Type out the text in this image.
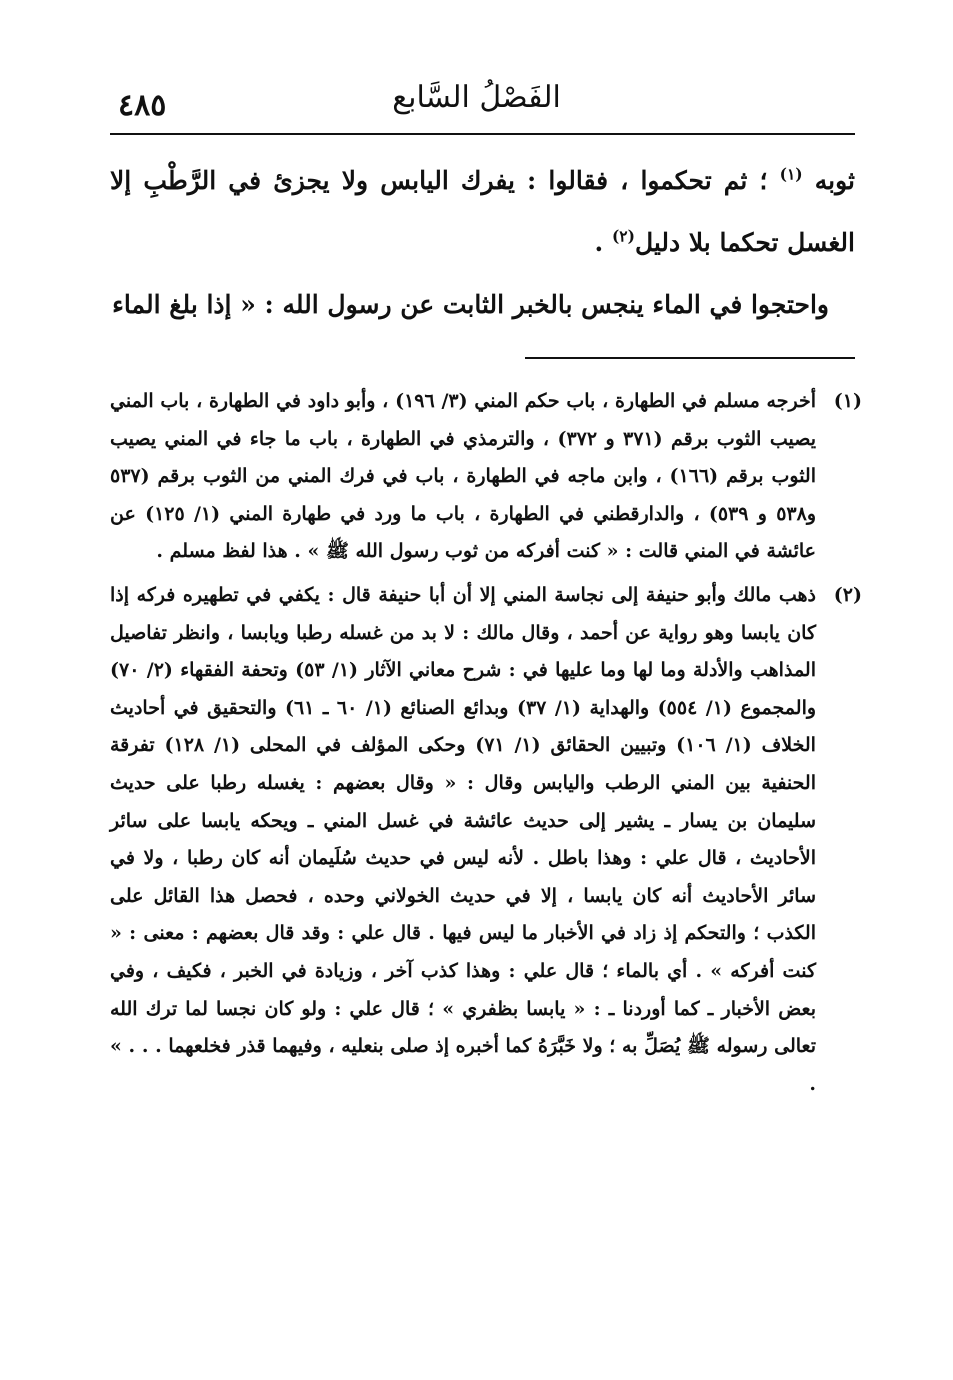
الفَصْلُ السَّابع
٤٨٥

ثوبه $^{(١)}$ ؛ ثم تحكموا ، فقالوا : يفرك اليابس ولا يجزئ في الرَّطْبِ إلا الغسل تحكما بلا دليل$^{(٢)}$ .

واحتجوا في الماء ينجس بالخبر الثابت عن رسول الله : « إذا بلغ الماء

(١)
أخرجه مسلم في الطهارة ، باب حكم المني (٣/ ١٩٦) ، وأبو داود في الطهارة ، باب المني يصيب الثوب برقم (٣٧١ و ٣٧٢) ، والترمذي في الطهارة ، باب ما جاء في المني يصيب الثوب برقم (١٦٦) ، وابن ماجه في الطهارة ، باب في فرك المني من الثوب برقم (٥٣٧ و٥٣٨ و ٥٣٩) ، والدارقطني في الطهارة ، باب ما ورد في طهارة المني (١/ ١٢٥) عن عائشة في المني قالت : « كنت أفركه من ثوب رسول الله ﷺ » . هذا لفظ مسلم .
(٢)
ذهب مالك وأبو حنيفة إلى نجاسة المني إلا أن أبا حنيفة قال : يكفي في تطهيره فركه إذا كان يابسا وهو رواية عن أحمد ، وقال مالك : لا بد من غسله رطبا ويابسا ، وانظر تفاصيل المذاهب والأدلة وما لها وما عليها في : شرح معاني الآثار (١/ ٥٣) وتحفة الفقهاء (٢/ ٧٠) والمجموع (١/ ٥٥٤) والهداية (١/ ٣٧) وبدائع الصنائع (١/ ٦٠ ـ ٦١) والتحقيق في أحاديث الخلاف (١/ ١٠٦) وتبيين الحقائق (١/ ٧١) وحكى المؤلف في المحلى (١/ ١٢٨) تفرقة الحنفية بين المني الرطب واليابس وقال : « وقال بعضهم : يغسله رطبا على حديث سليمان بن يسار ـ يشير إلى حديث عائشة في غسل المني ـ ويحكه يابسا على سائر الأحاديث ، قال علي : وهذا باطل . لأنه ليس في حديث سُلَيمان أنه كان رطبا ، ولا في سائر الأحاديث أنه كان يابسا ، إلا في حديث الخولاني وحده ، فحصل هذا القائل على الكذب ؛ والتحكم إذ زاد في الأخبار ما ليس فيها . قال علي : وقد قال بعضهم : معنى : « كنت أفركه » . أي بالماء ؛ قال علي : وهذا كذب آخر ، وزيادة في الخبر ، فكيف ، وفي بعض الأخبار ـ كما أوردنا ـ : « يابسا بظفري » ؛ قال علي : ولو كان نجسا لما ترك الله تعالى رسوله ﷺ يُصَلِّ به ؛ ولا خَبَّرَهُ كما أخبره إذ صلى بنعليه ، وفيهما قذر فخلعهما . . . » .
